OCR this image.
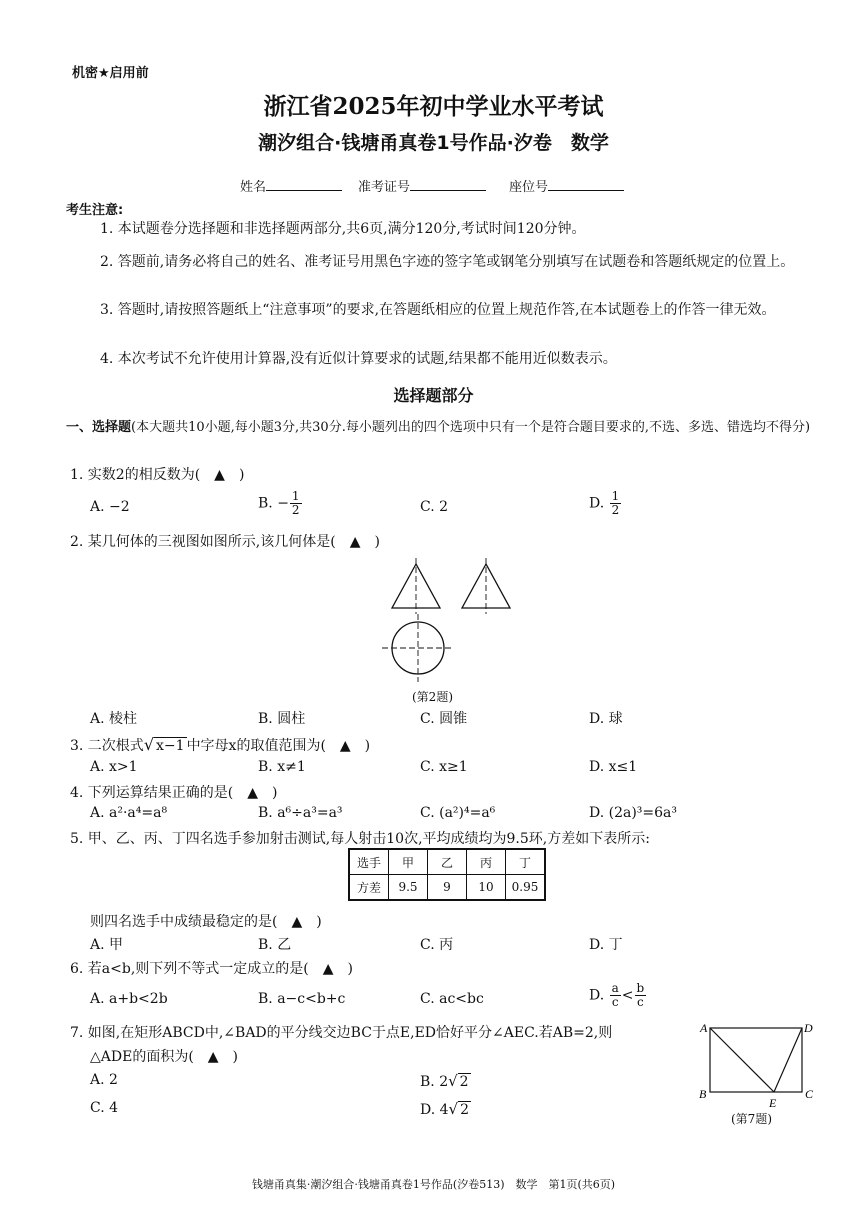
机密★启用前
浙江省2025年初中学业水平考试
潮汐组合·钱塘甬真卷1号作品·汐卷　数学
姓名	准考证号	座位号
考生注意:
1. 本试题卷分选择题和非选择题两部分,共6页,满分120分,考试时间120分钟。
2. 答题前,请务必将自己的姓名、准考证号用黑色字迹的签字笔或钢笔分别填写在试题卷和答题纸规定的位置上。
3. 答题时,请按照答题纸上“注意事项”的要求,在答题纸相应的位置上规范作答,在本试题卷上的作答一律无效。
4. 本次考试不允许使用计算器,没有近似计算要求的试题,结果都不能用近似数表示。
选择题部分
一、选择题(本大题共10小题,每小题3分,共30分.每小题列出的四个选项中只有一个是符合题目要求的,不选、多选、错选均不得分)
1. 实数2的相反数为(　▲　)
A. −2	B. − $\frac{1}{2}$	C. 2	D. $\frac{1}{2}$
2. 某几何体的三视图如图所示,该几何体是(　▲　)
(第2题)
A. 棱柱	B. 圆柱	C. 圆锥	D. 球
3. 二次根式√ x−1 中字母x的取值范围为(　▲　)
A. x>1	B. x≠1	C. x≥1	D. x≤1
4. 下列运算结果正确的是(　▲　)
A. a²·a⁴=a⁸	B. a⁶÷a³=a³	C. (a²)⁴=a⁶	D. (2a)³=6a³
5. 甲、乙、丙、丁四名选手参加射击测试,每人射击10次,平均成绩均为9.5环,方差如下表所示:
选手	甲	乙	丙	丁
方差	9.5	9	10	0.95
则四名选手中成绩最稳定的是(　▲　)
A. 甲	B. 乙	C. 丙	D. 丁
6. 若a<b,则下列不等式一定成立的是(　▲　)
A. a+b<2b	B. a−c<b+c	C. ac<bc	D. $\frac{a}{c} < \frac{b}{c}$
7. 如图,在矩形ABCD中,∠BAD的平分线交边BC于点E,ED恰好平分∠AEC.若AB=2,则
△ADE的面积为(　▲　)
A. 2	B. 2√ 2
C. 4	D. 4√ 2
A	D
B	C
E
(第7题)
钱塘甬真集·潮汐组合·钱塘甬真卷1号作品(汐卷513)　数学　第1页(共6页)
